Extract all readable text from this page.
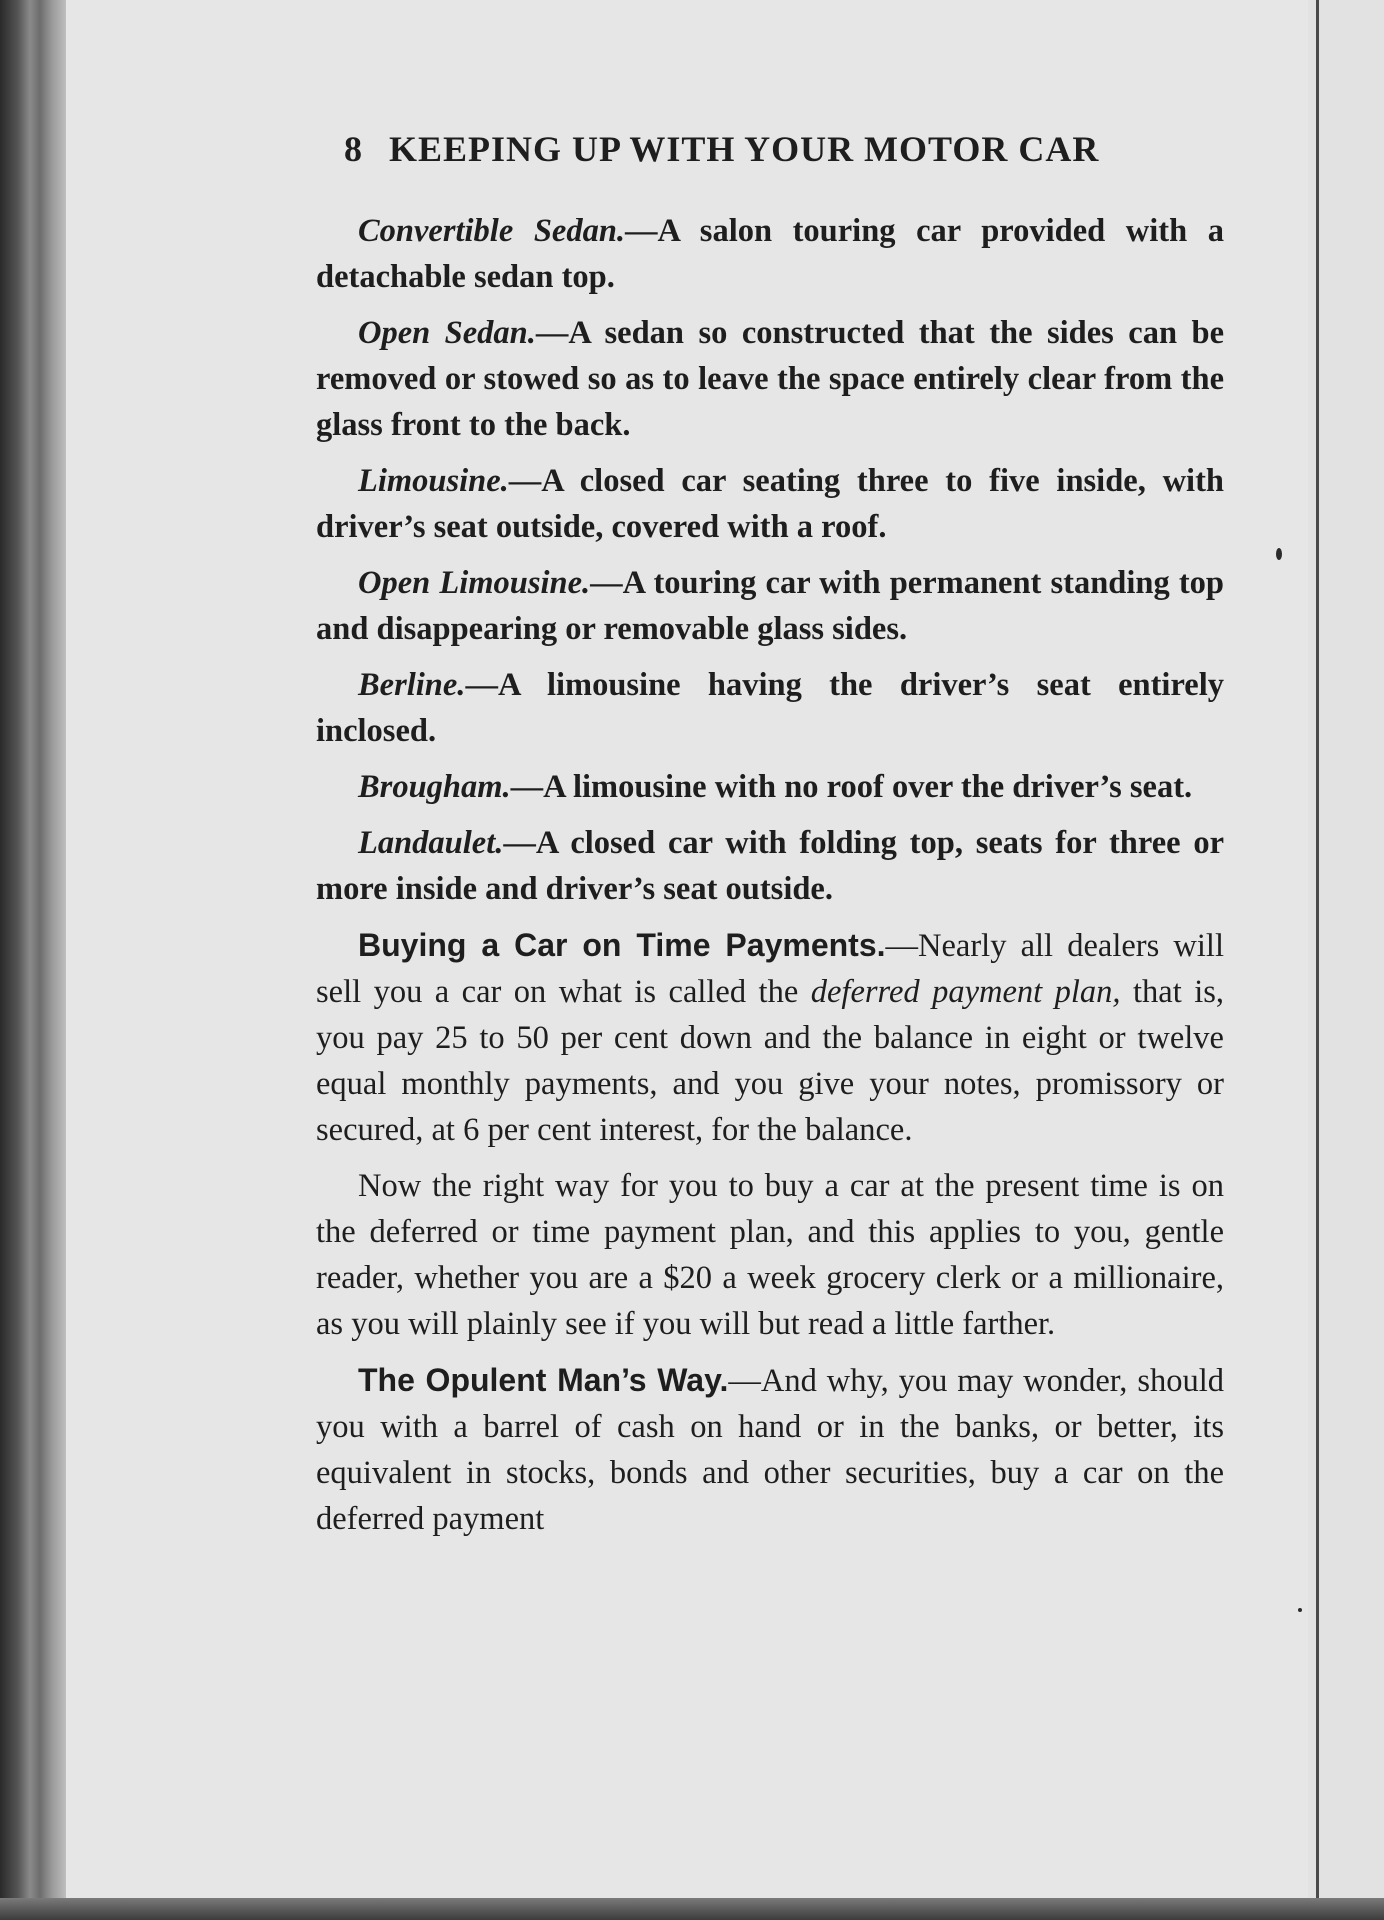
8 KEEPING UP WITH YOUR MOTOR CAR

Convertible Sedan.—A salon touring car provided with a detachable sedan top.

Open Sedan.—A sedan so constructed that the sides can be removed or stowed so as to leave the space entirely clear from the glass front to the back.

Limousine.—A closed car seating three to five inside, with driver’s seat outside, covered with a roof.

Open Limousine.—A touring car with permanent standing top and disappearing or removable glass sides.

Berline.—A limousine having the driver’s seat entirely inclosed.

Brougham.—A limousine with no roof over the driver’s seat.

Landaulet.—A closed car with folding top, seats for three or more inside and driver’s seat outside.

Buying a Car on Time Payments.—Nearly all dealers will sell you a car on what is called the deferred payment plan, that is, you pay 25 to 50 per cent down and the balance in eight or twelve equal monthly payments, and you give your notes, promissory or secured, at 6 per cent interest, for the balance.

Now the right way for you to buy a car at the present time is on the deferred or time payment plan, and this applies to you, gentle reader, whether you are a $20 a week grocery clerk or a millionaire, as you will plainly see if you will but read a little farther.

The Opulent Man’s Way.—And why, you may wonder, should you with a barrel of cash on hand or in the banks, or better, its equivalent in stocks, bonds and other securities, buy a car on the deferred payment
